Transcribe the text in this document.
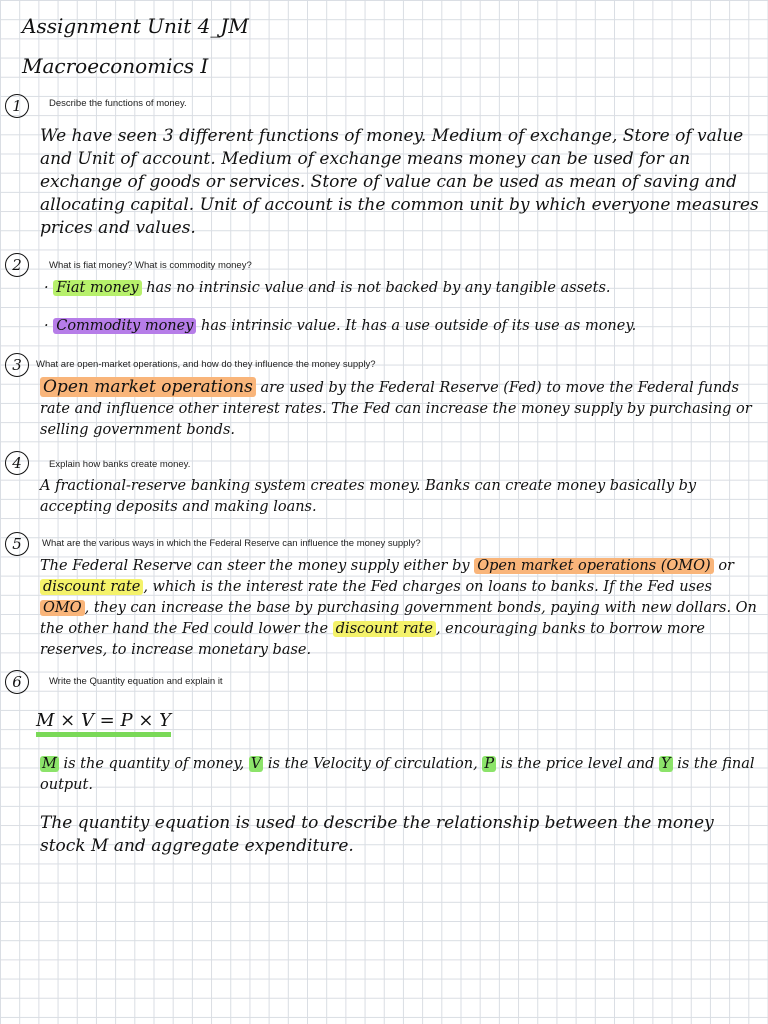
Assignment Unit 4_JM
Macroeconomics I
1	Describe the functions of money.
We have seen 3 different functions of money. Medium of exchange, Store of value and Unit of account. Medium of exchange means money can be used for an exchange of goods or services. Store of value can be used as mean of saving and allocating capital. Unit of account is the common unit by which everyone measures prices and values.
2	What is fiat money? What is commodity money?
· Fiat money has no intrinsic value and is not backed by any tangible assets.
· Commodity money has intrinsic value. It has a use outside of its use as money.
3	What are open-market operations, and how do they influence the money supply?
Open market operations are used by the Federal Reserve (Fed) to move the Federal funds rate and influence other interest rates. The Fed can increase the money supply by purchasing or selling government bonds.
4	Explain how banks create money.
A fractional-reserve banking system creates money. Banks can create money basically by accepting deposits and making loans.
5	What are the various ways in which the Federal Reserve can influence the money supply?
The Federal Reserve can steer the money supply either by Open market operations (OMO) or discount rate , which is the interest rate the Fed charges on loans to banks. If the Fed uses OMO , they can increase the base by purchasing government bonds, paying with new dollars. On the other hand the Fed could lower the discount rate , encouraging banks to borrow more reserves, to increase monetary base.
6	Write the Quantity equation and explain it
M × V = P × Y
M is the quantity of money, V is the Velocity of circulation, P is the price level and Y is the final output.
The quantity equation is used to describe the relationship between the money stock M and aggregate expenditure.
